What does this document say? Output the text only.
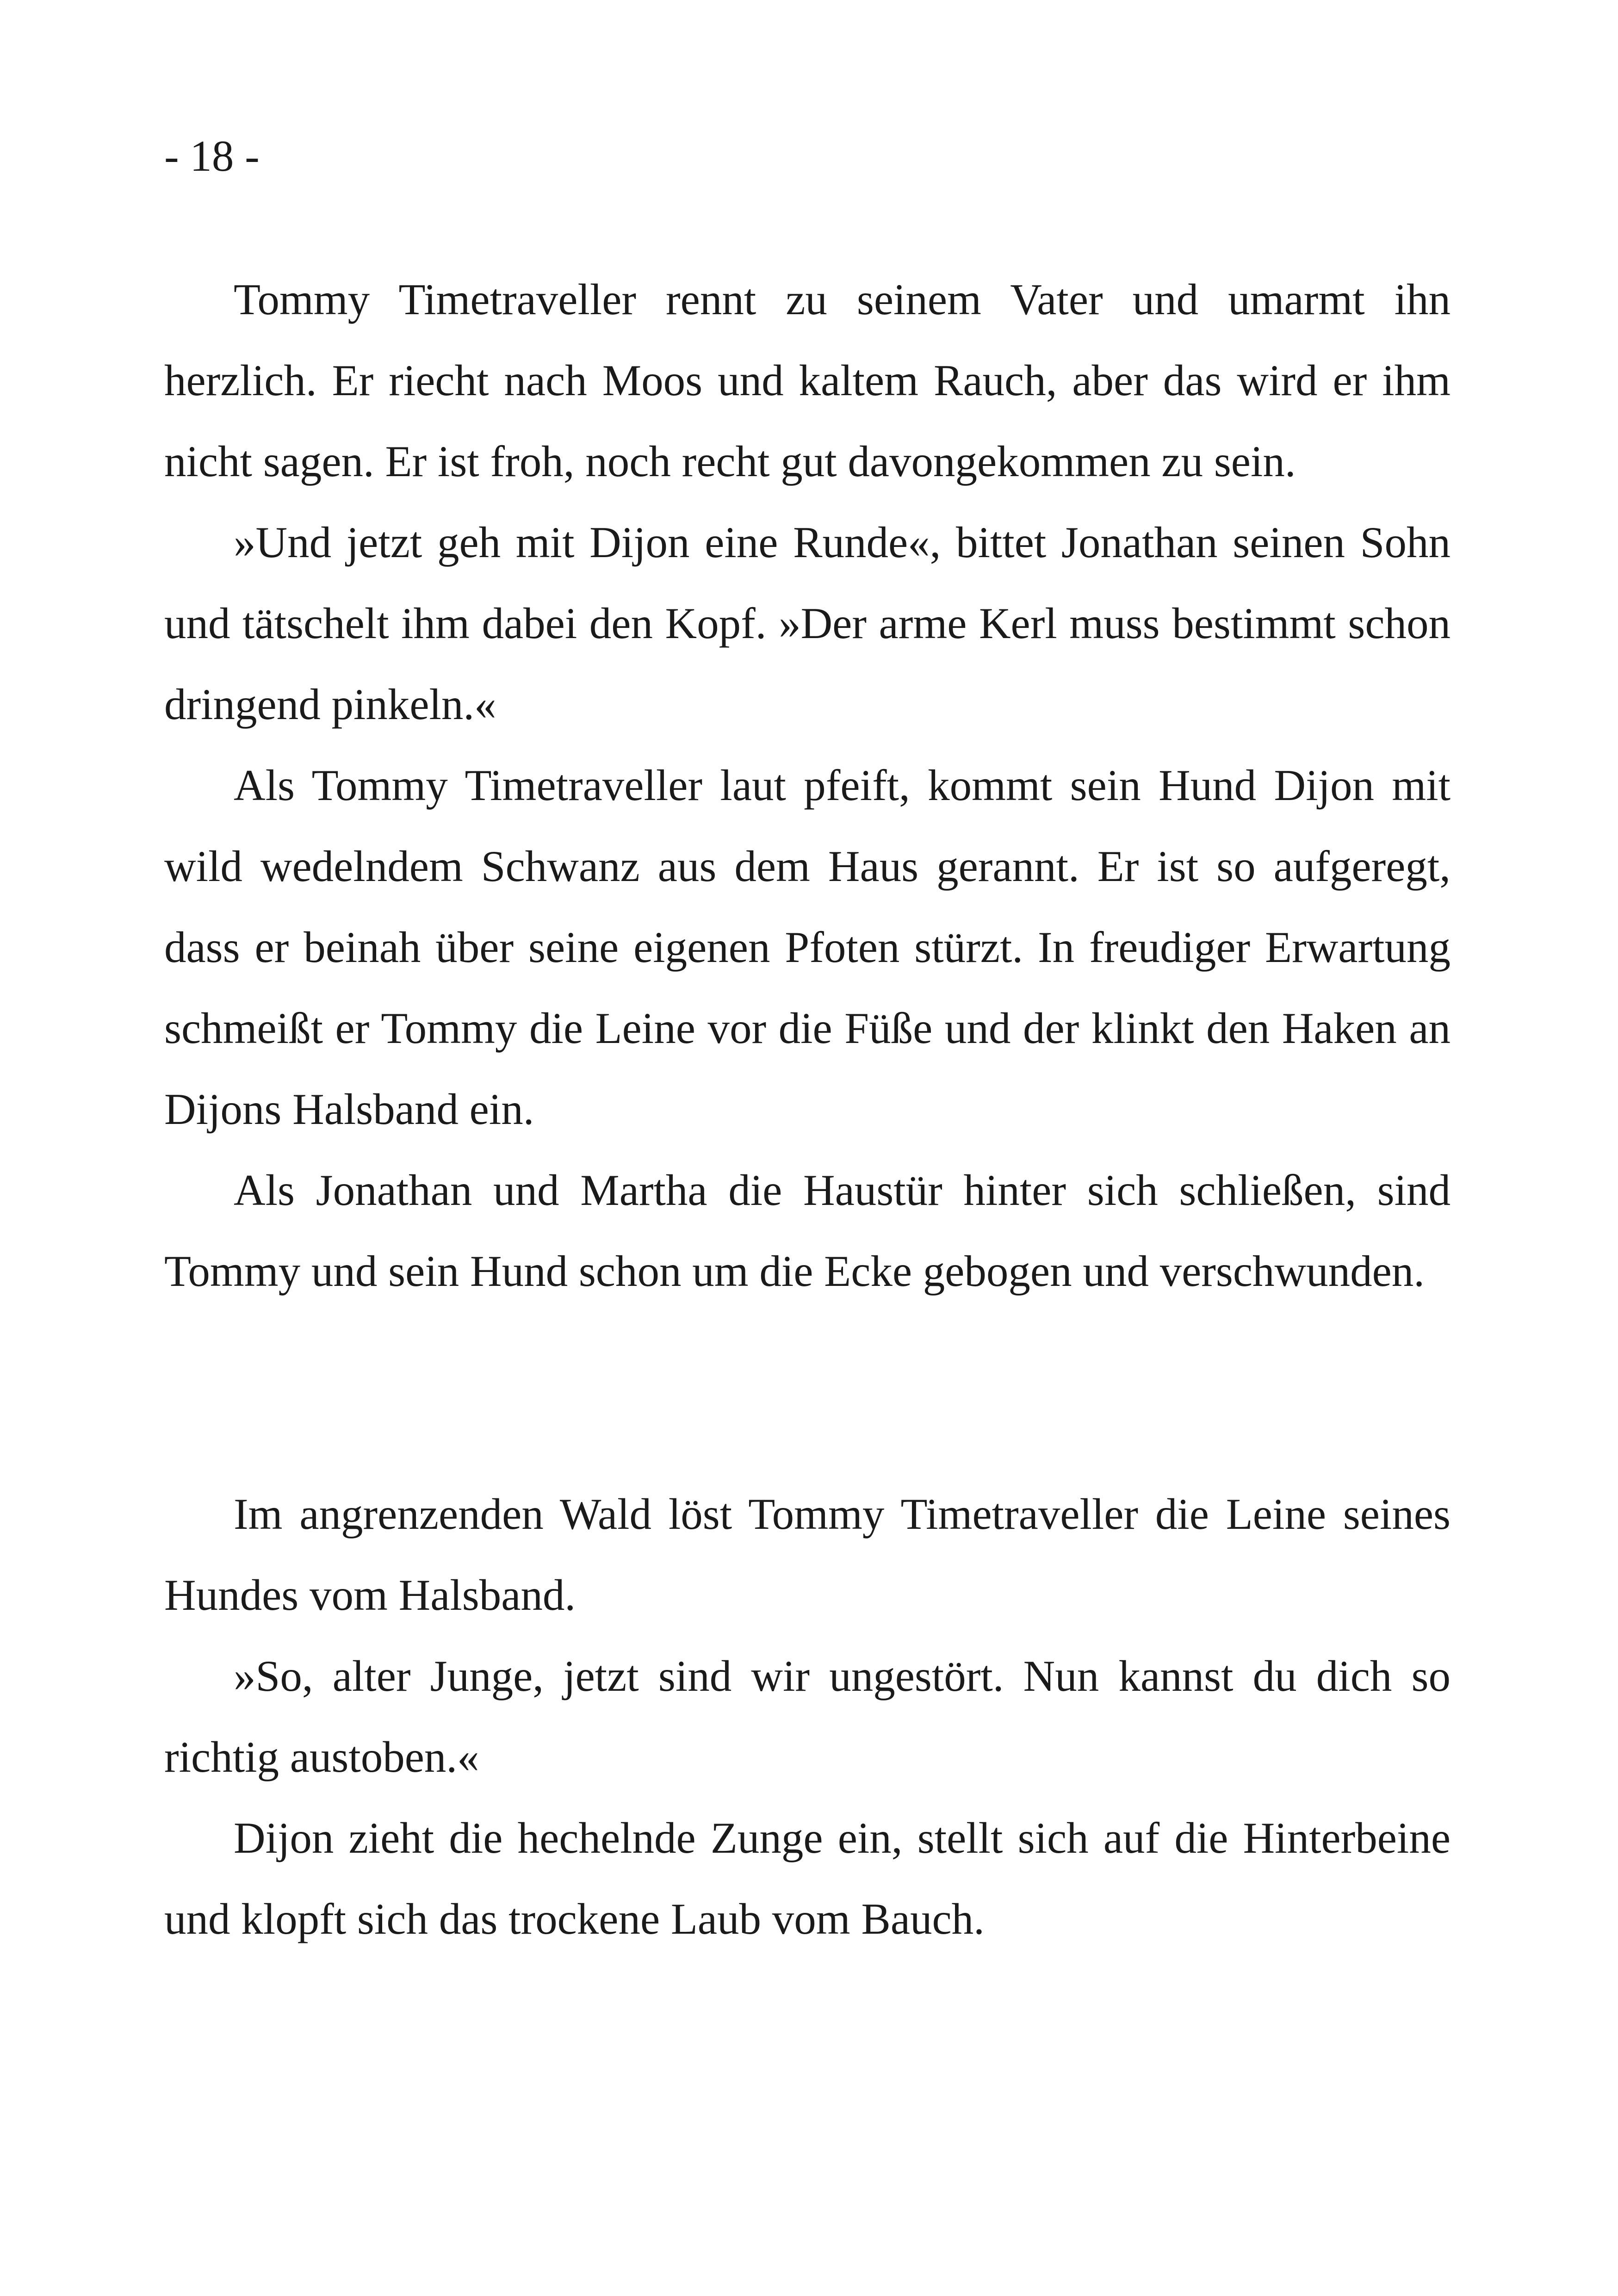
- 18 -

Tommy Timetraveller rennt zu seinem Vater und umarmt ihn herzlich. Er riecht nach Moos und kaltem Rauch, aber das wird er ihm nicht sagen. Er ist froh, noch recht gut davongekommen zu sein.

»Und jetzt geh mit Dijon eine Runde«, bittet Jonathan seinen Sohn und tätschelt ihm dabei den Kopf. »Der arme Kerl muss bestimmt schon dringend pinkeln.«

Als Tommy Timetraveller laut pfeift, kommt sein Hund Dijon mit wild wedelndem Schwanz aus dem Haus gerannt. Er ist so aufgeregt, dass er beinah über seine eigenen Pfoten stürzt. In freudiger Erwartung schmeißt er Tommy die Leine vor die Füße und der klinkt den Haken an Dijons Halsband ein.

Als Jonathan und Martha die Haustür hinter sich schließen, sind Tommy und sein Hund schon um die Ecke gebogen und verschwunden.

Im angrenzenden Wald löst Tommy Timetraveller die Leine seines Hundes vom Halsband.

»So, alter Junge, jetzt sind wir ungestört. Nun kannst du dich so richtig austoben.«

Dijon zieht die hechelnde Zunge ein, stellt sich auf die Hinterbeine und klopft sich das trockene Laub vom Bauch.
